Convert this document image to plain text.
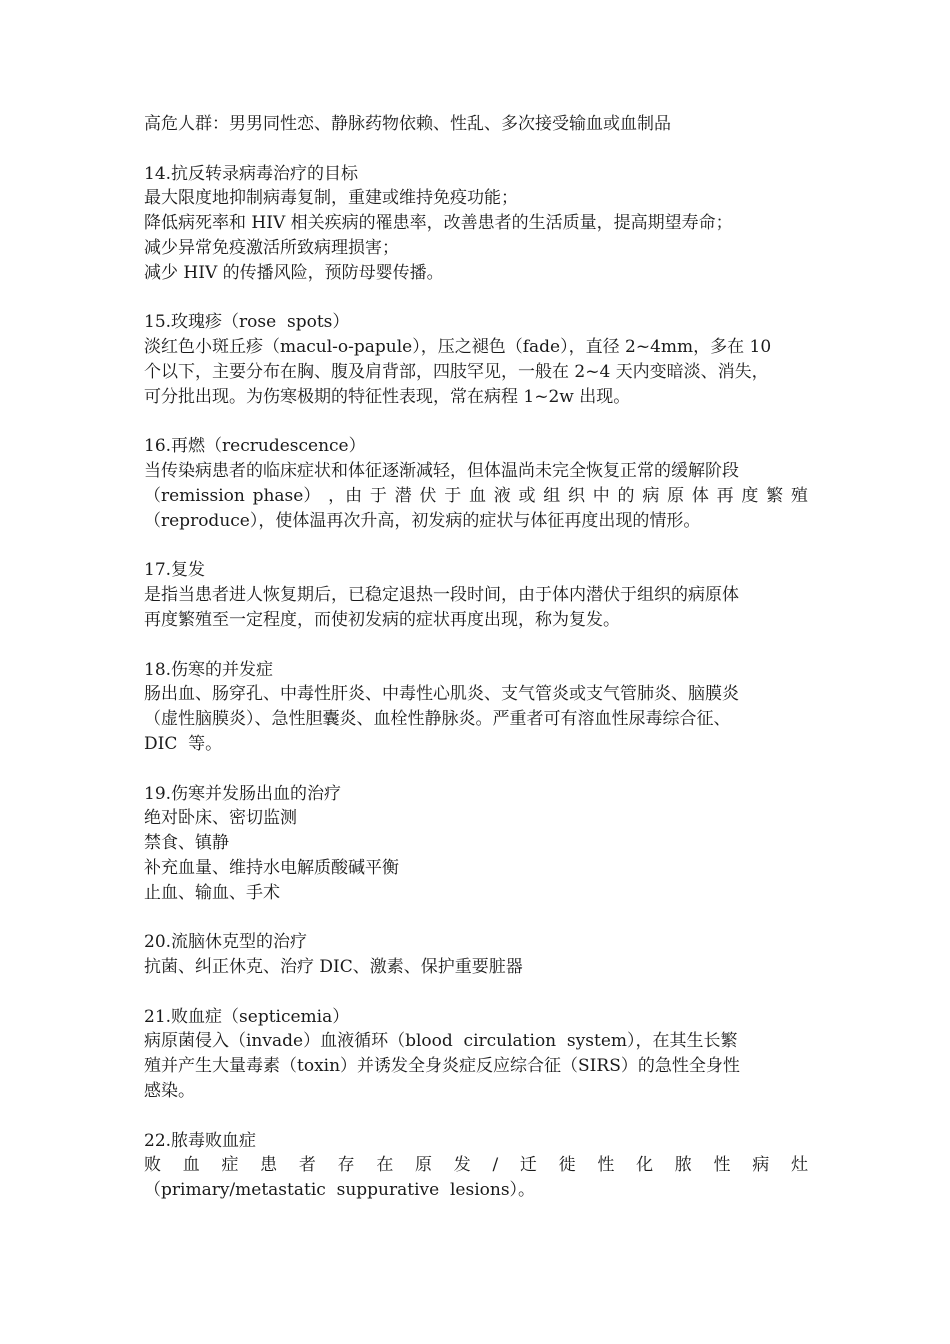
高危人群：男男同性恋、静脉药物依赖、性乱、多次接受输血或血制品
14.抗反转录病毒治疗的目标
最大限度地抑制病毒复制，重建或维持免疫功能；
降低病死率和 HIV 相关疾病的罹患率，改善患者的生活质量，提高期望寿命；
减少异常免疫激活所致病理损害；
减少 HIV 的传播风险，预防母婴传播。
15.玫瑰疹（rose  spots）
淡红色小斑丘疹（macul-o-papule），压之褪色（fade），直径 2~4mm，多在 10
个以下，主要分布在胸、腹及肩背部，四肢罕见，一般在 2~4 天内变暗淡、消失，
可分批出现。为伤寒极期的特征性表现，常在病程 1~2w 出现。
16.再燃（recrudescence）
当传染病患者的临床症状和体征逐渐减轻，但体温尚未完全恢复正常的缓解阶段
（remission phase） ，由 于 潜 伏 于 血 液 或 组 织 中 的 病 原 体 再 度 繁 殖
（reproduce），使体温再次升高，初发病的症状与体征再度出现的情形。
17.复发
是指当患者进人恢复期后，已稳定退热一段时间，由于体内潜伏于组织的病原体
再度繁殖至一定程度，而使初发病的症状再度出现，称为复发。
18.伤寒的并发症
肠出血、肠穿孔、中毒性肝炎、中毒性心肌炎、支气管炎或支气管肺炎、脑膜炎
（虚性脑膜炎）、急性胆囊炎、血栓性静脉炎。严重者可有溶血性尿毒综合征、
DIC  等。
19.伤寒并发肠出血的治疗
绝对卧床、密切监测
禁食、镇静
补充血量、维持水电解质酸碱平衡
止血、输血、手术
20.流脑休克型的治疗
抗菌、纠正休克、治疗 DIC、激素、保护重要脏器
21.败血症（septicemia）
病原菌侵入（invade）血液循环（blood  circulation  system），在其生长繁
殖并产生大量毒素（toxin）并诱发全身炎症反应综合征（SIRS）的急性全身性
感染。
22.脓毒败血症
败 血 症 患 者 存 在 原 发 / 迁 徙 性 化 脓 性 病 灶
（primary/metastatic  suppurative  lesions）。
